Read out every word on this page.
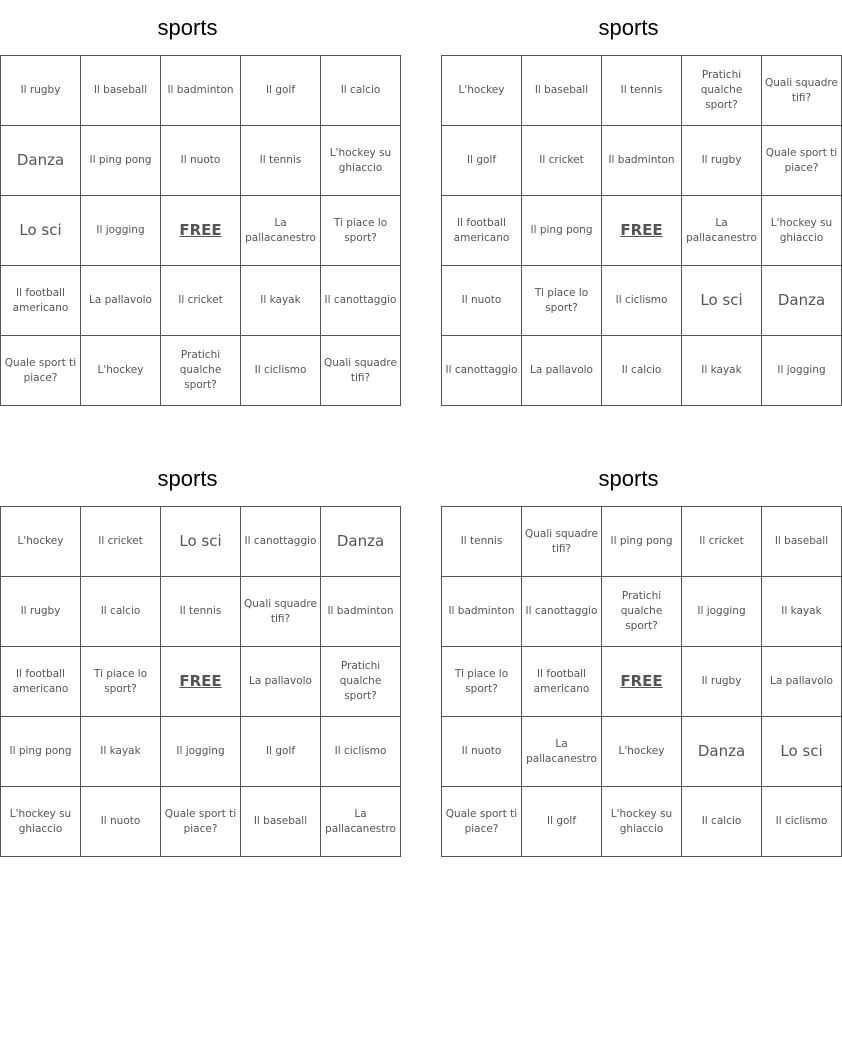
sports
Il rugby	Il baseball	Il badminton	Il golf	Il calcio
Danza	Il ping pong	Il nuoto	Il tennis	L'hockey su ghiaccio
Lo sci	Il jogging	FREE	La pallacanestro	Ti piace lo sport?
Il football americano	La pallavolo	Il cricket	Il kayak	Il canottaggio
Quale sport ti piace?	L'hockey	Pratichi qualche sport?	Il ciclismo	Quali squadre tifi?
sports
L'hockey	Il baseball	Il tennis	Pratichi qualche sport?	Quali squadre tifi?
Il golf	Il cricket	Il badminton	Il rugby	Quale sport ti piace?
Il football americano	Il ping pong	FREE	La pallacanestro	L'hockey su ghiaccio
Il nuoto	Ti piace lo sport?	Il ciclismo	Lo sci	Danza
Il canottaggio	La pallavolo	Il calcio	Il kayak	Il jogging
sports
L'hockey	Il cricket	Lo sci	Il canottaggio	Danza
Il rugby	Il calcio	Il tennis	Quali squadre tifi?	Il badminton
Il football americano	Ti piace lo sport?	FREE	La pallavolo	Pratichi qualche sport?
Il ping pong	Il kayak	Il jogging	Il golf	Il ciclismo
L'hockey su ghiaccio	Il nuoto	Quale sport ti piace?	Il baseball	La pallacanestro
sports
Il tennis	Quali squadre tifi?	Il ping pong	Il cricket	Il baseball
Il badminton	Il canottaggio	Pratichi qualche sport?	Il jogging	Il kayak
Ti piace lo sport?	Il football americano	FREE	Il rugby	La pallavolo
Il nuoto	La pallacanestro	L'hockey	Danza	Lo sci
Quale sport ti piace?	Il golf	L'hockey su ghiaccio	Il calcio	Il ciclismo
